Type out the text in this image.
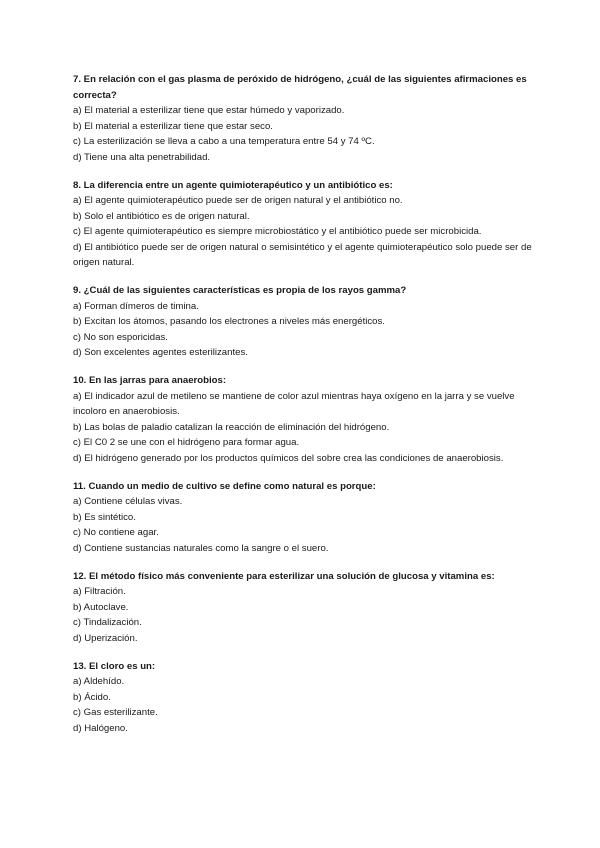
7. En relación con el gas plasma de peróxido de hidrógeno, ¿cuál de las siguientes afirmaciones es correcta?

a) El material a esterilizar tiene que estar húmedo y vaporizado.

b) El material a esterilizar tiene que estar seco.

c) La esterilización se lleva a cabo a una temperatura entre 54 y 74 ºC.

d) Tiene una alta penetrabilidad.

8. La diferencia entre un agente quimioterapéutico y un antibiótico es:

a) El agente quimioterapéutico puede ser de origen natural y el antibiótico no.

b) Solo el antibiótico es de origen natural.

c) El agente quimioterapéutico es siempre microbiostático y el antibiótico puede ser microbicida.

d) El antibiótico puede ser de origen natural o semisintético y el agente quimioterapéutico solo puede ser de origen natural.

9. ¿Cuál de las siguientes características es propia de los rayos gamma?

a) Forman dímeros de timina.

b) Excitan los átomos, pasando los electrones a niveles más energéticos.

c) No son esporicidas.

d) Son excelentes agentes esterilizantes.

10. En las jarras para anaerobios:

a) El indicador azul de metileno se mantiene de color azul mientras haya oxígeno en la jarra y se vuelve incoloro en anaerobiosis.

b) Las bolas de paladio catalizan la reacción de eliminación del hidrógeno.

c) El C0 2 se une con el hidrógeno para formar agua.

d) El hidrógeno generado por los productos químicos del sobre crea las condiciones de anaerobiosis.

11. Cuando un medio de cultivo se define como natural es porque:

a) Contiene células vivas.

b) Es sintético.

c) No contiene agar.

d) Contiene sustancias naturales como la sangre o el suero.

12. El método físico más conveniente para esterilizar una solución de glucosa y vitamina es:

a) Filtración.

b) Autoclave.

c) Tindalización.

d) Uperización.

13. El cloro es un:

a) Aldehído.

b) Ácido.

c) Gas esterilizante.

d) Halógeno.
